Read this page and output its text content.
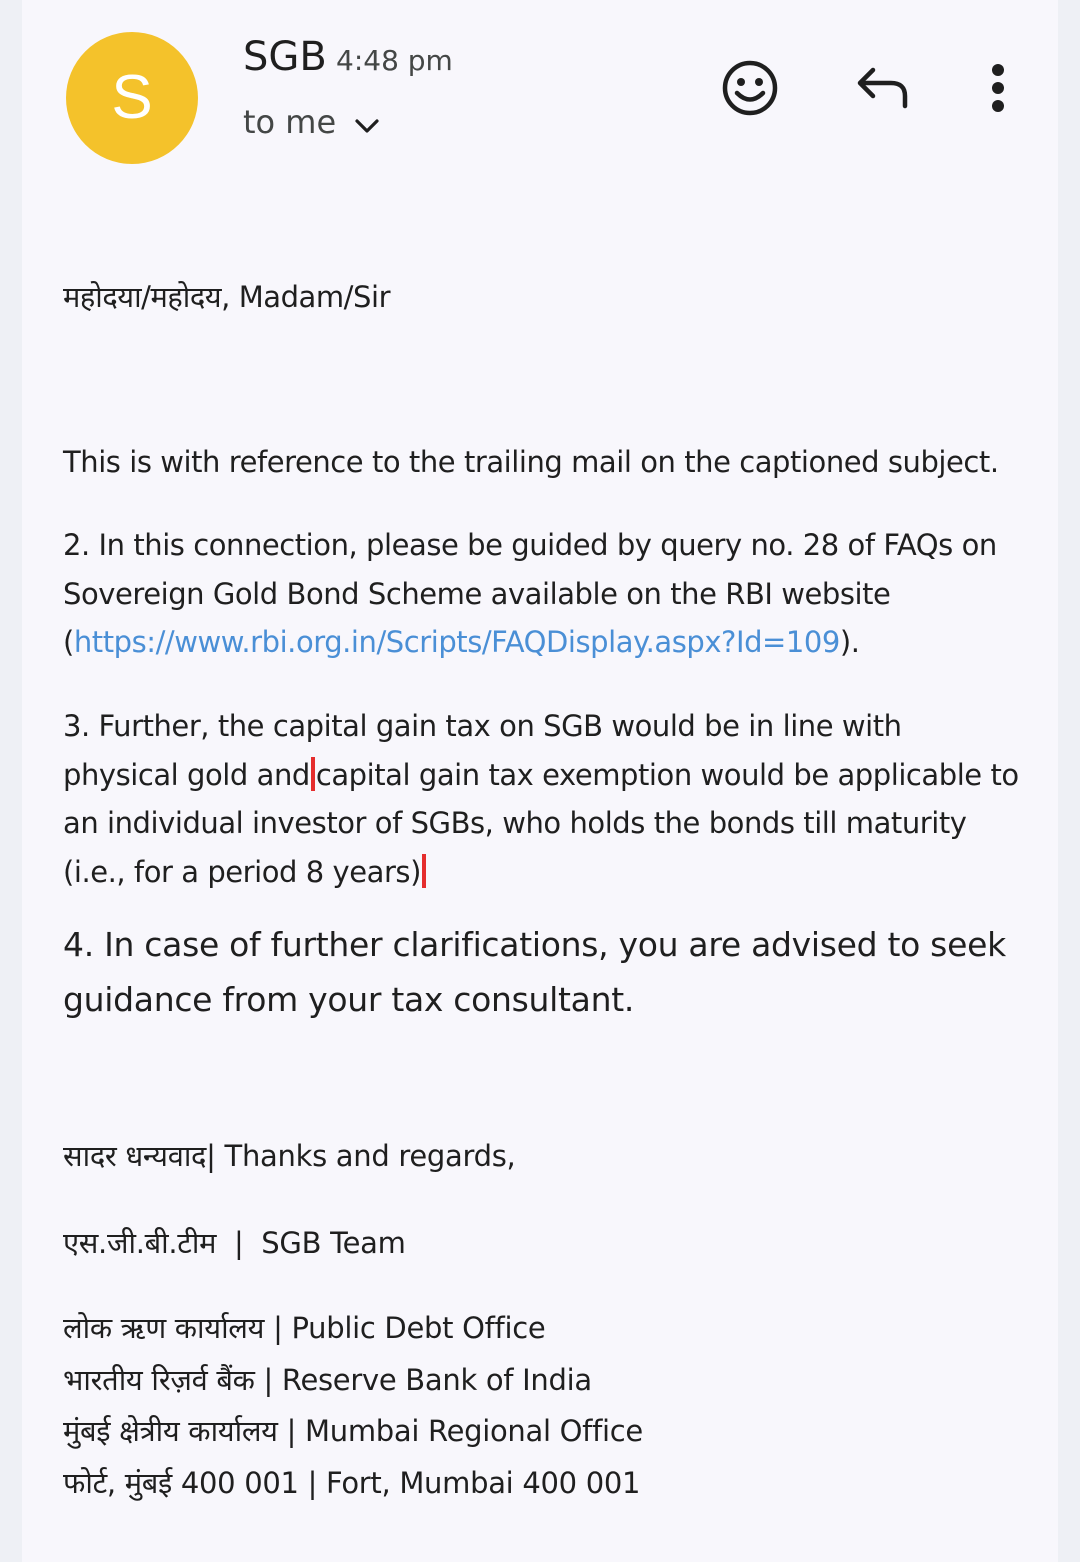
S
SGB 4:48 pm
to me
महोदया/महोदय, Madam/Sir
This is with reference to the trailing mail on the captioned subject.
2. In this connection, please be guided by query no. 28 of FAQs on Sovereign Gold Bond Scheme available on the RBI website (https://www.rbi.org.in/Scripts/FAQDisplay.aspx?Id=109).
3. Further, the capital gain tax on SGB would be in line with physical gold and capital gain tax exemption would be applicable to an individual investor of SGBs, who holds the bonds till maturity (i.e., for a period 8 years)
4. In case of further clarifications, you are advised to seek guidance from your tax consultant.
सादर धन्यवाद| Thanks and regards,
एस.जी.बी.टीम  |  SGB Team
लोक ऋण कार्यालय | Public Debt Office
भारतीय रिज़र्व बैंक | Reserve Bank of India
मुंबई क्षेत्रीय कार्यालय | Mumbai Regional Office
फोर्ट, मुंबई 400 001 | Fort, Mumbai 400 001
